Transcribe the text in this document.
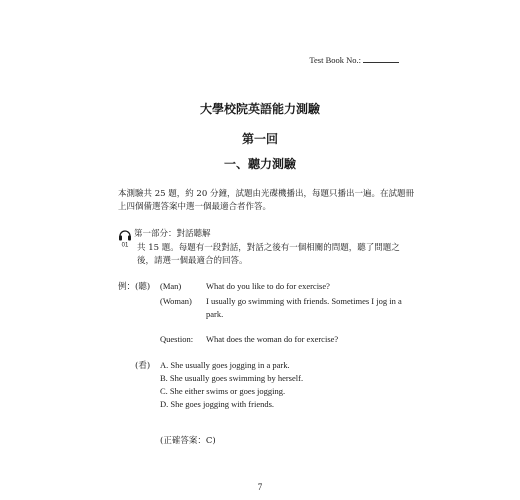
Test Book No.:
大學校院英語能力測驗
第一回
一、聽力測驗
本測驗共 25 題，約 20 分鐘，試題由光碟機播出，每題只播出一遍。在試題冊上四個備選答案中選一個最適合者作答。
01
第一部分：對話聽解
共 15 題。每題有一段對話，對話之後有一個相關的問題，聽了問題之後，請選一個最適合的回答。
例：(聽) (Man)	What do you like to do for exercise?
(Woman) I usually go swimming with friends. Sometimes I jog in a
park.
Question: What does the woman do for exercise?
(看) A. She usually goes jogging in a park.
B. She usually goes swimming by herself.
C. She either swims or goes jogging.
D. She goes jogging with friends.
(正確答案：C)
7
